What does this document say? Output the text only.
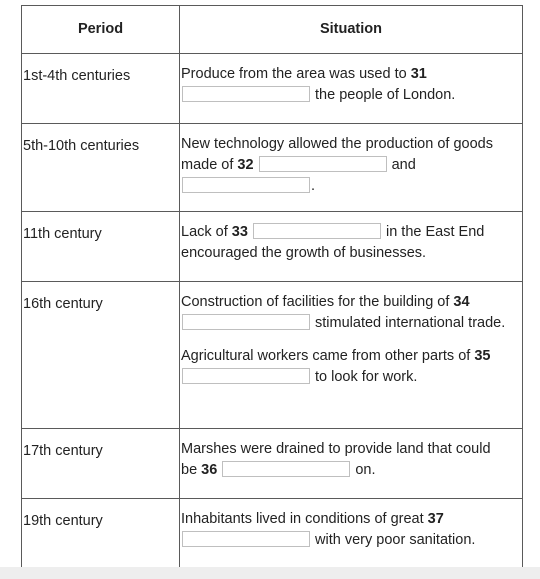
Period	Situation
1st-4th centuries	Produce from the area was used to 31  the people of London.

5th-10th centuries	New technology allowed the production of goods made of 32 and .

11th century	Lack of 33 in the East End encouraged the growth of businesses.

16th century	Construction of facilities for the building of 34  stimulated international trade.
Agricultural workers came from other parts of 35  to look for work.

17th century	Marshes were drained to provide land that could be 36 on.

19th century	Inhabitants lived in conditions of great 37  with very poor sanitation.
